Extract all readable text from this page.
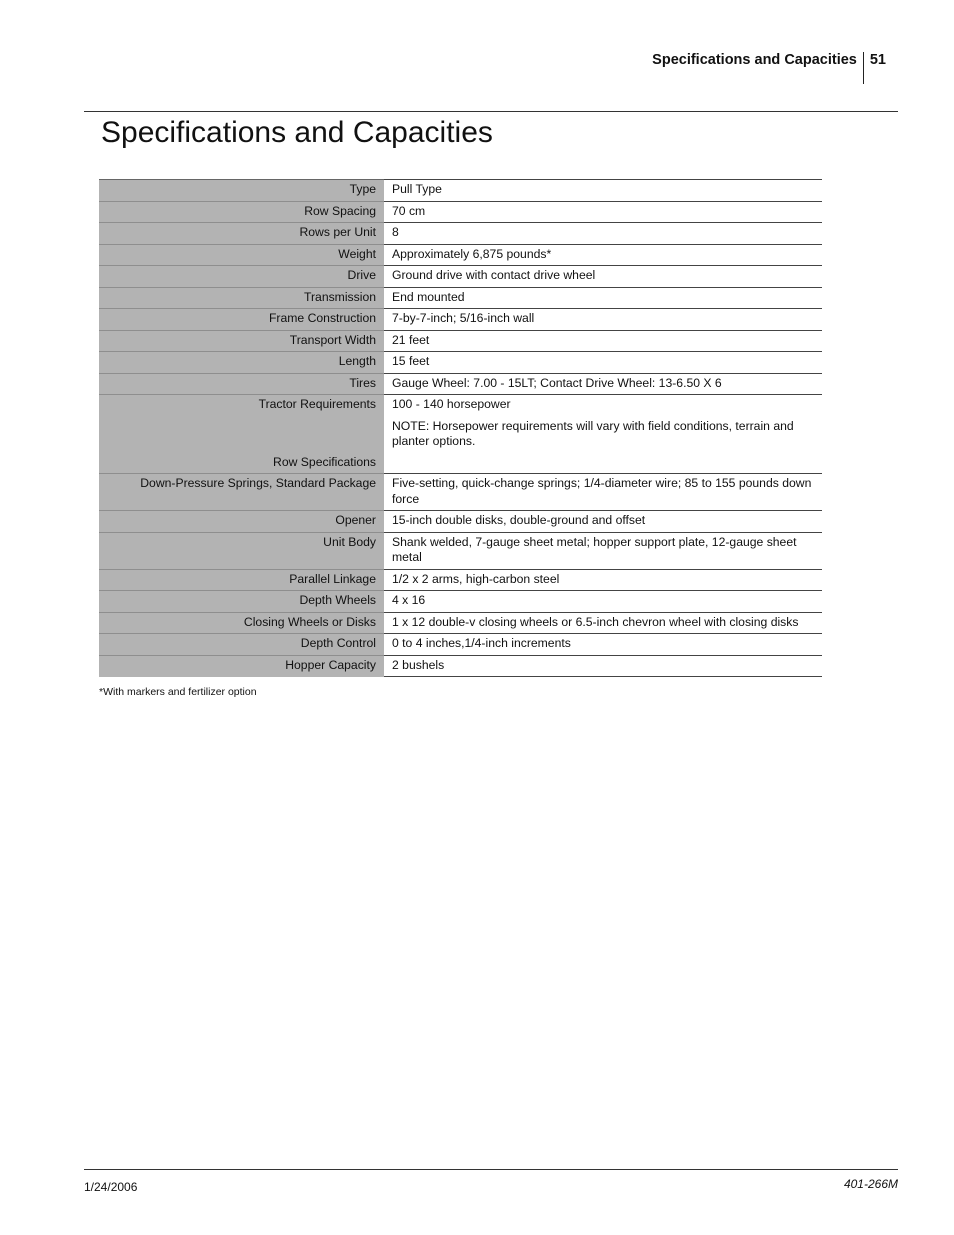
Specifications and Capacities 51
Specifications and Capacities
Type	Pull Type
Row Spacing	70 cm
Rows per Unit	8
Weight	Approximately 6,875 pounds*
Drive	Ground drive with contact drive wheel
Transmission	End mounted
Frame Construction	7-by-7-inch; 5/16-inch wall
Transport Width	21 feet
Length	15 feet
Tires	Gauge Wheel: 7.00 - 15LT; Contact Drive Wheel: 13-6.50 X 6
Tractor Requirements	100 - 140 horsepower

NOTE: Horsepower requirements will vary with field conditions, terrain and planter options.

Row Specifications	
Down-Pressure Springs, Standard Package	Five-setting, quick-change springs; 1/4-diameter wire; 85 to 155 pounds down force
Opener	15-inch double disks, double-ground and offset
Unit Body	Shank welded, 7-gauge sheet metal; hopper support plate, 12-gauge sheet metal
Parallel Linkage	1/2 x 2 arms, high-carbon steel
Depth Wheels	4 x 16
Closing Wheels or Disks	1 x 12 double-v closing wheels or 6.5-inch chevron wheel with closing disks
Depth Control	0 to 4 inches,1/4-inch increments
Hopper Capacity	2 bushels
*With markers and fertilizer option
1/24/2006	401-266M
